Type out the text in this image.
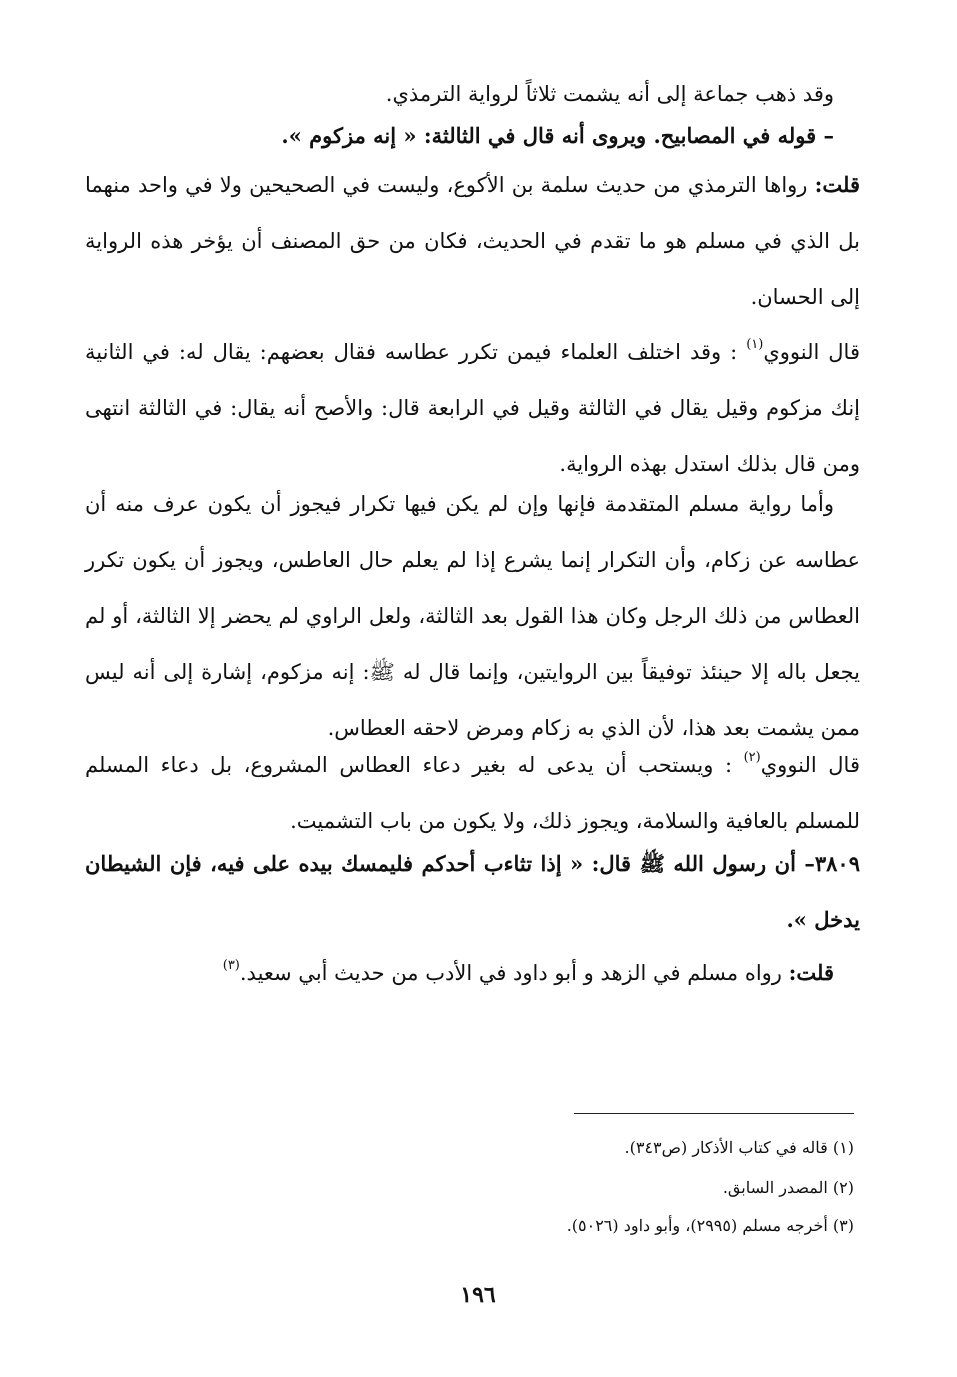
وقد ذهب جماعة إلى أنه يشمت ثلاثاً لرواية الترمذي.

– قوله في المصابيح. ويروى أنه قال في الثالثة: « إنه مزكوم ».

قلت: رواها الترمذي من حديث سلمة بن الأكوع، وليست في الصحيحين ولا في واحد منهما بل الذي في مسلم هو ما تقدم في الحديث، فكان من حق المصنف أن يؤخر هذه الرواية إلى الحسان.

قال النووي$^{(١)}$ : وقد اختلف العلماء فيمن تكرر عطاسه فقال بعضهم: يقال له: في الثانية إنك مزكوم وقيل يقال في الثالثة وقيل في الرابعة قال: والأصح أنه يقال: في الثالثة انتهى ومن قال بذلك استدل بهذه الرواية.

وأما رواية مسلم المتقدمة فإنها وإن لم يكن فيها تكرار فيجوز أن يكون عرف منه أن عطاسه عن زكام، وأن التكرار إنما يشرع إذا لم يعلم حال العاطس، ويجوز أن يكون تكرر العطاس من ذلك الرجل وكان هذا القول بعد الثالثة، ولعل الراوي لم يحضر إلا الثالثة، أو لم يجعل باله إلا حينئذ توفيقاً بين الروايتين، وإنما قال له ﷺ: إنه مزكوم، إشارة إلى أنه ليس ممن يشمت بعد هذا، لأن الذي به زكام ومرض لاحقه العطاس.

قال النووي$^{(٢)}$ : ويستحب أن يدعى له بغير دعاء العطاس المشروع، بل دعاء المسلم للمسلم بالعافية والسلامة، ويجوز ذلك، ولا يكون من باب التشميت.

٣٨٠٩– أن رسول الله ﷺ قال: « إذا تثاءب أحدكم فليمسك بيده على فيه، فإن الشيطان يدخل ».

قلت: رواه مسلم في الزهد و أبو داود في الأدب من حديث أبي سعيد.$^{(٣)}$

(١) قاله في كتاب الأذكار (ص٣٤٣).

(٢) المصدر السابق.

(٣) أخرجه مسلم (٢٩٩٥)، وأبو داود (٥٠٢٦).

١٩٦
